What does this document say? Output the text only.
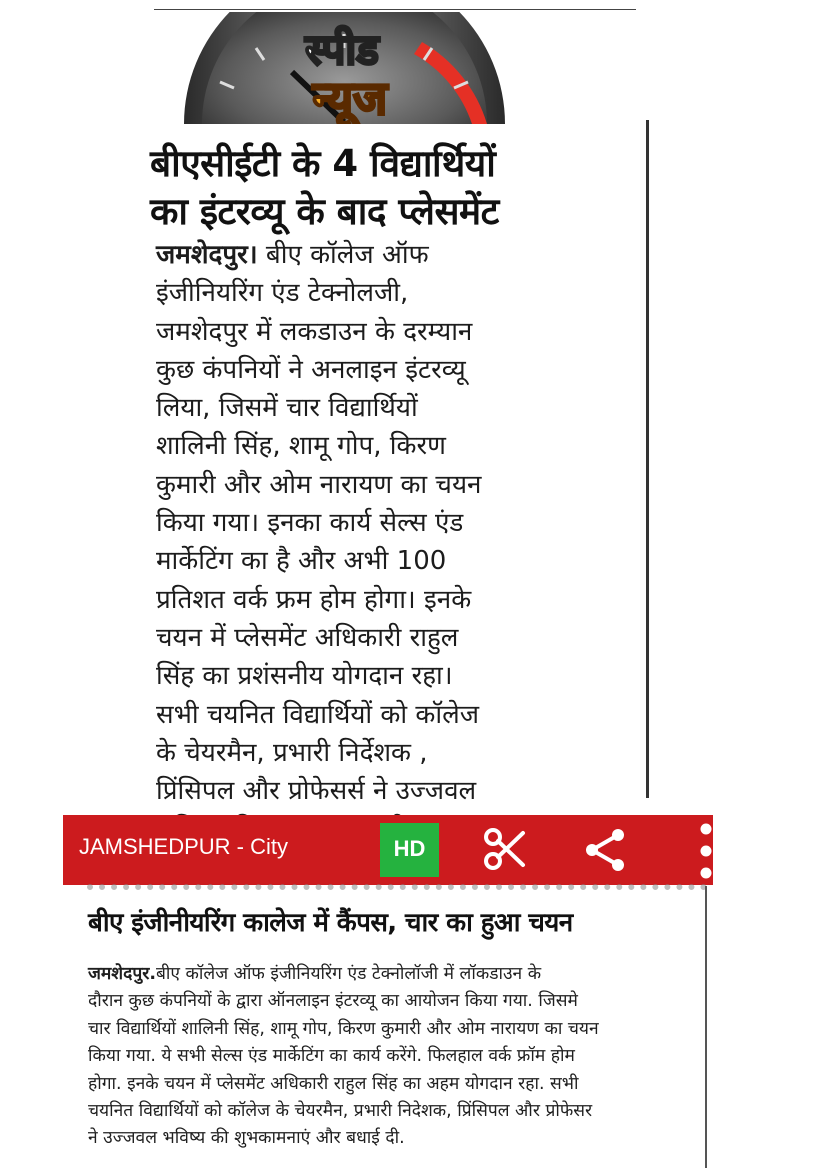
स्पीड
न्यूज
बीएसीईटी के 4 विद्यार्थियों
का इंटरव्यू के बाद प्लेसमेंट
जमशेदपुर। बीए कॉलेज ऑफ
इंजीनियरिंग एंड टेक्नोलजी,
जमशेदपुर में लकडाउन के दरम्यान
कुछ कंपनियों ने अनलाइन इंटरव्यू
लिया, जिसमें चार विद्यार्थियों
शालिनी सिंह, शामू गोप, किरण
कुमारी और ओम नारायण का चयन
किया गया। इनका कार्य सेल्स एंड
मार्केटिंग का है और अभी 100
प्रतिशत वर्क फ्रम होम होगा। इनके
चयन में प्लेसमेंट अधिकारी राहुल
सिंह का प्रशंसनीय योगदान रहा।
सभी चयनित विद्यार्थियों को कॉलेज
के चेयरमैन, प्रभारी निर्देशक ,
प्रिंसिपल और प्रोफेसर्स ने उज्जवल
JAMSHEDPUR - City	HD
बीए इंजीनीयरिंग कालेज में कैंपस, चार का हुआ चयन
जमशेदपुर.बीए कॉलेज ऑफ इंजीनियरिंग एंड टेक्नोलॉजी में लॉकडाउन के
दौरान कुछ कंपनियों के द्वारा ऑनलाइन इंटरव्यू का आयोजन किया गया. जिसमे
चार विद्यार्थियों शालिनी सिंह, शामू गोप, किरण कुमारी और ओम नारायण का चयन
किया गया. ये सभी सेल्स एंड मार्केटिंग का कार्य करेंगे. फिलहाल वर्क फ्रॉम होम
होगा. इनके चयन में प्लेसमेंट अधिकारी राहुल सिंह का अहम योगदान रहा. सभी
चयनित विद्यार्थियों को कॉलेज के चेयरमैन, प्रभारी निदेशक, प्रिंसिपल और प्रोफेसर
ने उज्जवल भविष्य की शुभकामनाएं और बधाई दी.
